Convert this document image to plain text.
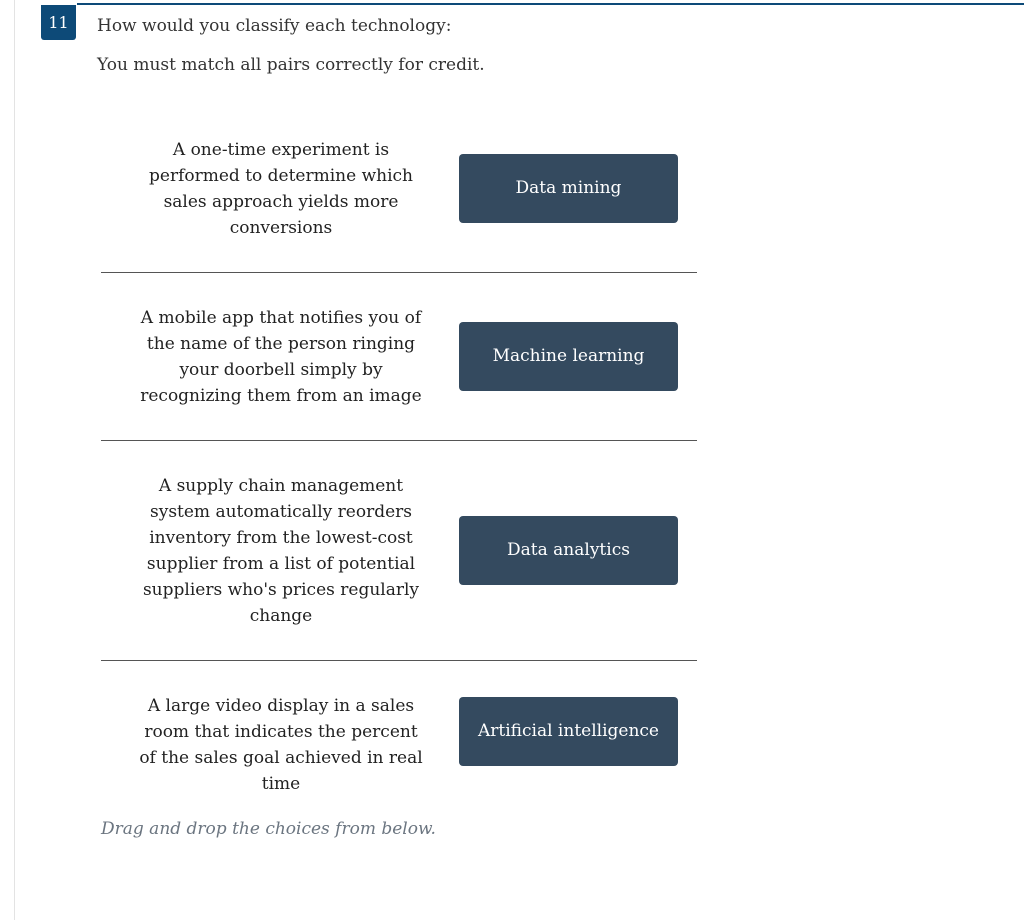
11	How would you classify each technology:

You must match all pairs correctly for credit.

A one-time experiment is performed to determine which sales approach yields more conversions
Data mining
A mobile app that notifies you of the name of the person ringing your doorbell simply by recognizing them from an image
Machine learning
A supply chain management system automatically reorders inventory from the lowest-cost supplier from a list of potential suppliers who's prices regularly change
Data analytics
A large video display in a sales room that indicates the percent of the sales goal achieved in real time
Artificial intelligence

Drag and drop the choices from below.
